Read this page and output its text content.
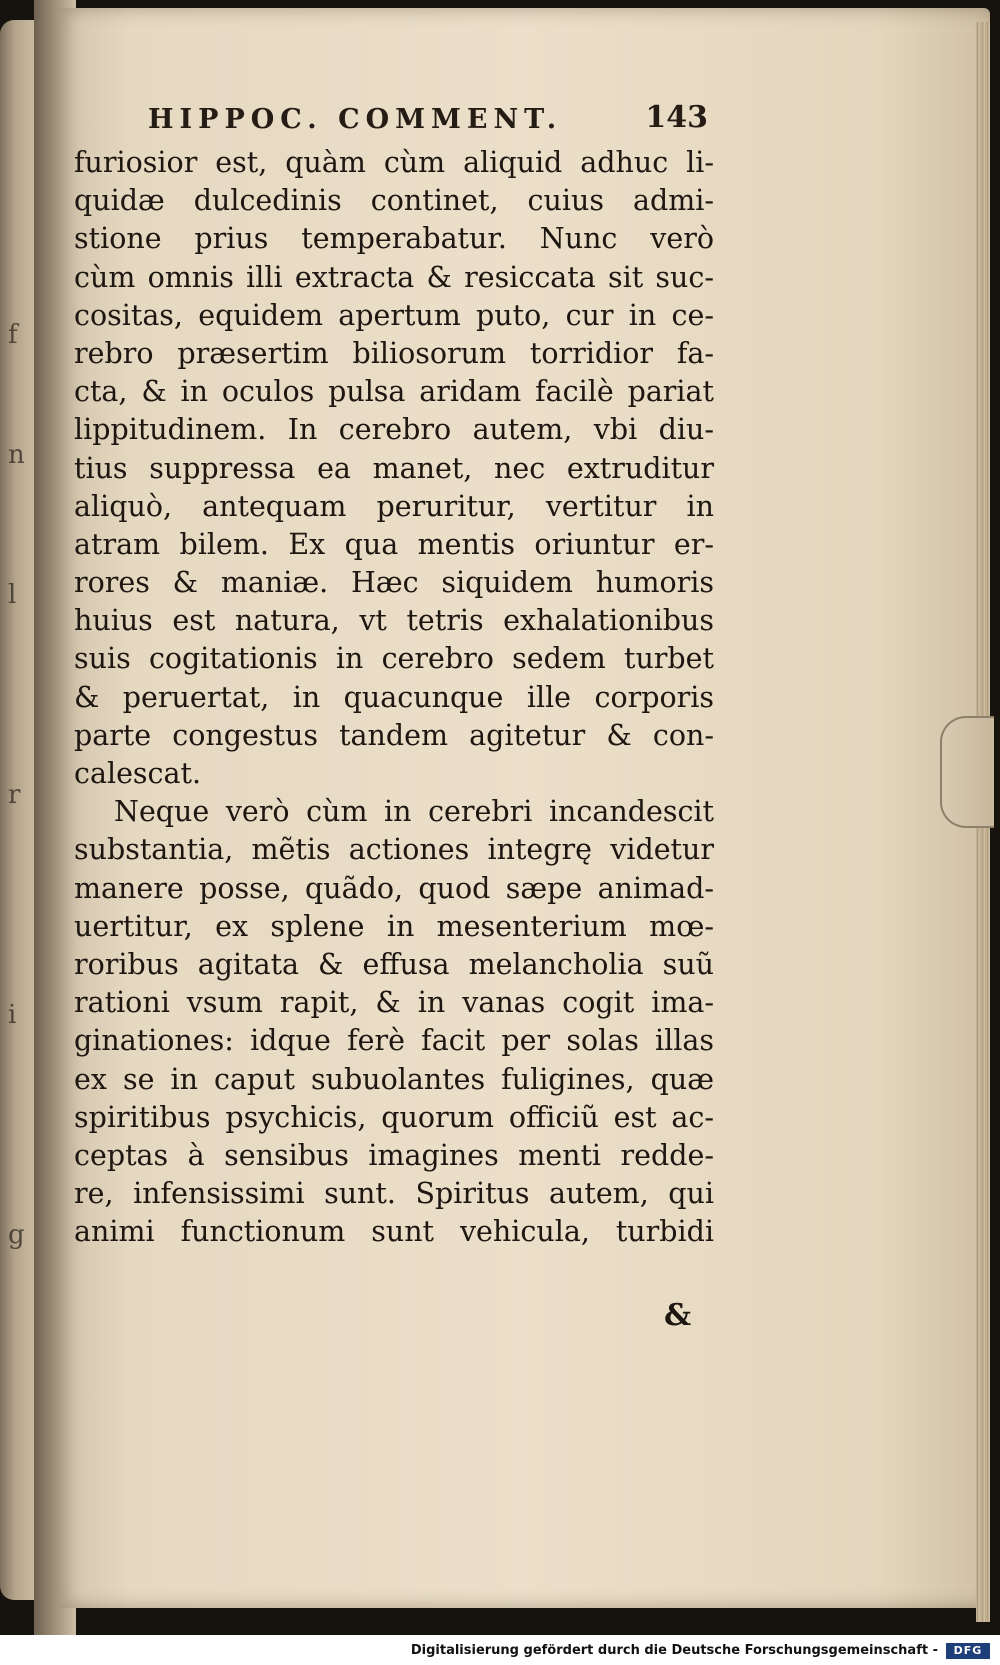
f
n
l
r
i
g
HIPPOC. COMMENT.	143
furiosior est, quàm cùm aliquid adhuc li-
quidæ dulcedinis continet, cuius admi-
stione prius temperabatur. Nunc verò
cùm omnis illi extracta & resiccata sit suc-
cositas, equidem apertum puto, cur in ce-
rebro præsertim biliosorum torridior fa-
cta, & in oculos pulsa aridam facilè pariat
lippitudinem. In cerebro autem, vbi diu-
tius suppressa ea manet, nec extruditur
aliquò, antequam peruritur, vertitur in
atram bilem. Ex qua mentis oriuntur er-
rores & maniæ. Hæc siquidem humoris
huius est natura, vt tetris exhalationibus
suis cogitationis in cerebro sedem turbet
& peruertat, in quacunque ille corporis
parte congestus tandem agitetur & con-
calescat.
Neque verò cùm in cerebri incandescit
substantia, mẽtis actiones integrę videtur
manere posse, quãdo, quod sæpe animad-
uertitur, ex splene in mesenterium mœ-
roribus agitata & effusa melancholia suũ
rationi vsum rapit, & in vanas cogit ima-
ginationes: idque ferè facit per solas illas
ex se in caput subuolantes fuligines, quæ
spiritibus psychicis, quorum officiũ est ac-
ceptas à sensibus imagines menti redde-
re, infensissimi sunt. Spiritus autem, qui
animi functionum sunt vehicula, turbidi
&
Digitalisierung gefördert durch die Deutsche Forschungsgemeinschaft -	DFG
